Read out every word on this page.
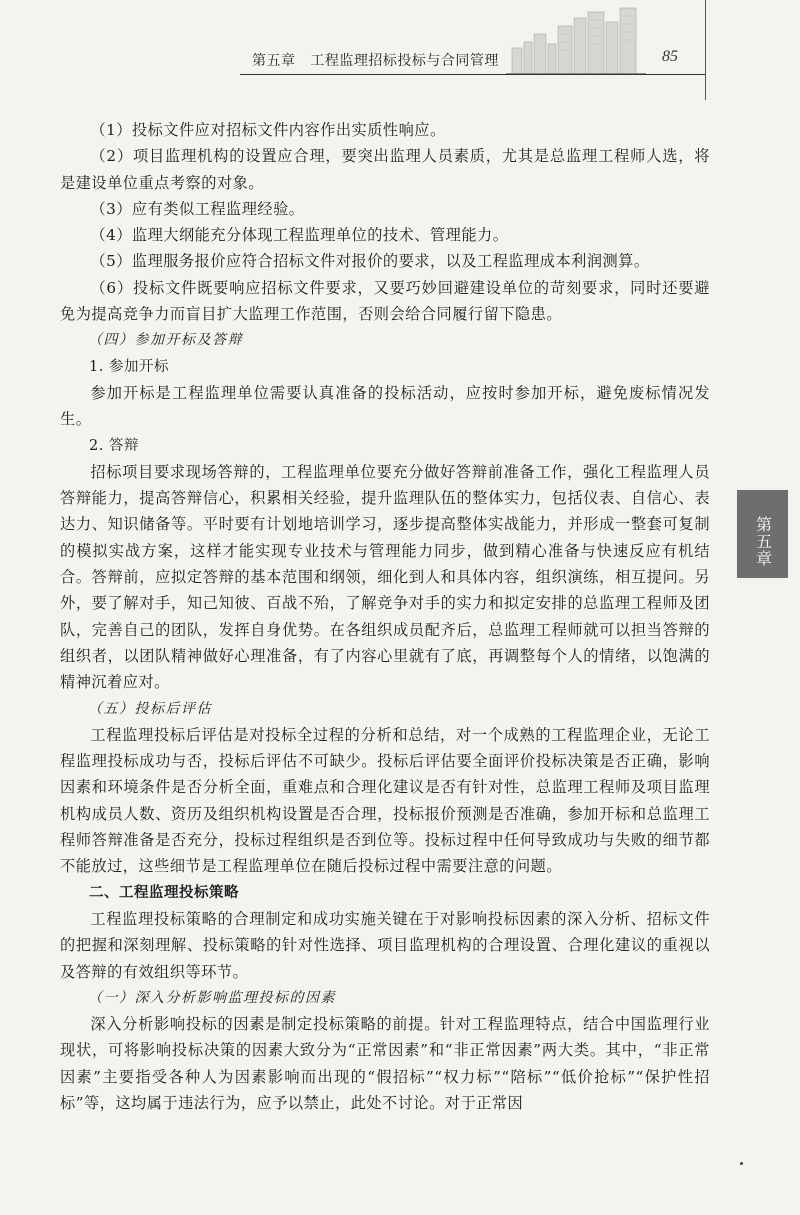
第五章 工程监理招标投标与合同管理	85
第五章

（1）投标文件应对招标文件内容作出实质性响应。

（2）项目监理机构的设置应合理，要突出监理人员素质，尤其是总监理工程师人选，将是建设单位重点考察的对象。

（3）应有类似工程监理经验。

（4）监理大纲能充分体现工程监理单位的技术、管理能力。

（5）监理服务报价应符合招标文件对报价的要求，以及工程监理成本利润测算。

（6）投标文件既要响应招标文件要求，又要巧妙回避建设单位的苛刻要求，同时还要避免为提高竞争力而盲目扩大监理工作范围，否则会给合同履行留下隐患。

（四）参加开标及答辩

1. 参加开标

参加开标是工程监理单位需要认真准备的投标活动，应按时参加开标，避免废标情况发生。

2. 答辩

招标项目要求现场答辩的，工程监理单位要充分做好答辩前准备工作，强化工程监理人员答辩能力，提高答辩信心，积累相关经验，提升监理队伍的整体实力，包括仪表、自信心、表达力、知识储备等。平时要有计划地培训学习，逐步提高整体实战能力，并形成一整套可复制的模拟实战方案，这样才能实现专业技术与管理能力同步，做到精心准备与快速反应有机结合。答辩前，应拟定答辩的基本范围和纲领，细化到人和具体内容，组织演练，相互提问。另外，要了解对手，知己知彼、百战不殆，了解竞争对手的实力和拟定安排的总监理工程师及团队，完善自己的团队，发挥自身优势。在各组织成员配齐后，总监理工程师就可以担当答辩的组织者，以团队精神做好心理准备，有了内容心里就有了底，再调整每个人的情绪，以饱满的精神沉着应对。

（五）投标后评估

工程监理投标后评估是对投标全过程的分析和总结，对一个成熟的工程监理企业，无论工程监理投标成功与否，投标后评估不可缺少。投标后评估要全面评价投标决策是否正确，影响因素和环境条件是否分析全面，重难点和合理化建议是否有针对性，总监理工程师及项目监理机构成员人数、资历及组织机构设置是否合理，投标报价预测是否准确，参加开标和总监理工程师答辩准备是否充分，投标过程组织是否到位等。投标过程中任何导致成功与失败的细节都不能放过，这些细节是工程监理单位在随后投标过程中需要注意的问题。

二、工程监理投标策略

工程监理投标策略的合理制定和成功实施关键在于对影响投标因素的深入分析、招标文件的把握和深刻理解、投标策略的针对性选择、项目监理机构的合理设置、合理化建议的重视以及答辩的有效组织等环节。

（一）深入分析影响监理投标的因素

深入分析影响投标的因素是制定投标策略的前提。针对工程监理特点，结合中国监理行业现状，可将影响投标决策的因素大致分为“正常因素”和“非正常因素”两大类。其中，“非正常因素”主要指受各种人为因素影响而出现的“假招标”“权力标”“陪标”“低价抢标”“保护性招标”等，这均属于违法行为，应予以禁止，此处不讨论。对于正常因
